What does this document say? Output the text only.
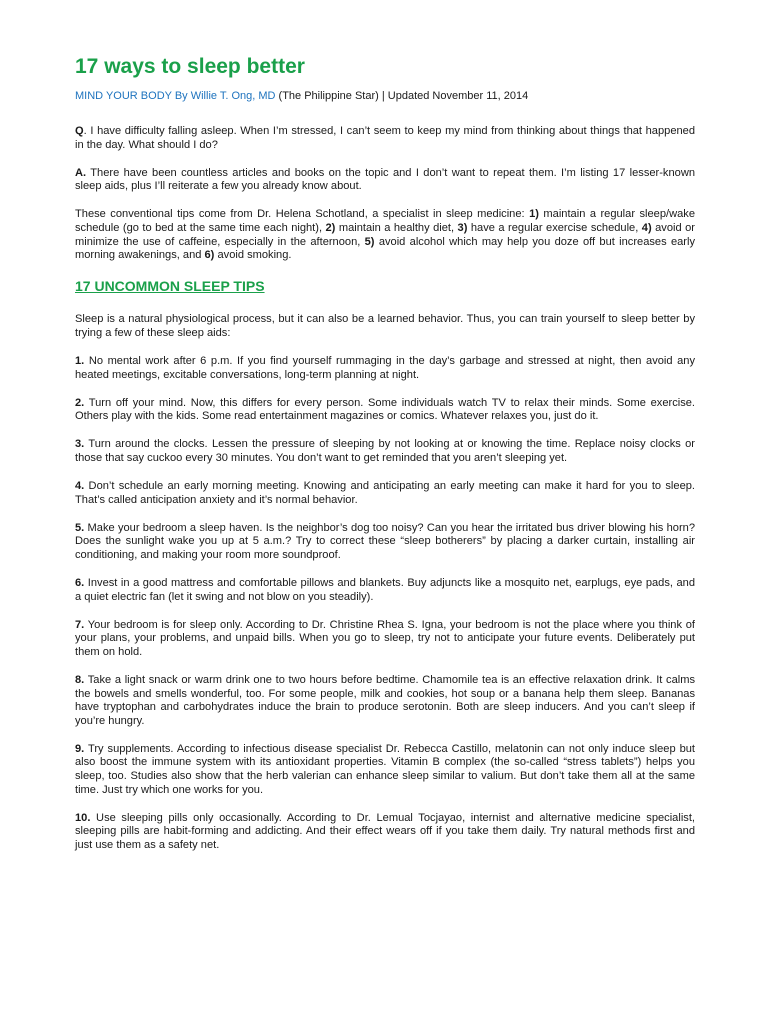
17 ways to sleep better
MIND YOUR BODY By Willie T. Ong, MD (The Philippine Star) | Updated November 11, 2014

Q. I have difficulty falling asleep. When I’m stressed, I can’t seem to keep my mind from thinking about things that happened in the day. What should I do?

A. There have been countless articles and books on the topic and I don’t want to repeat them. I’m listing 17 lesser-known sleep aids, plus I’ll reiterate a few you already know about.

These conventional tips come from Dr. Helena Schotland, a specialist in sleep medicine: 1) maintain a regular sleep/wake schedule (go to bed at the same time each night), 2) maintain a healthy diet, 3) have a regular exercise schedule, 4) avoid or minimize the use of caffeine, especially in the afternoon, 5) avoid alcohol which may help you doze off but increases early morning awakenings, and 6) avoid smoking.

17 UNCOMMON SLEEP TIPS

Sleep is a natural physiological process, but it can also be a learned behavior. Thus, you can train yourself to sleep better by trying a few of these sleep aids:

1. No mental work after 6 p.m. If you find yourself rummaging in the day’s garbage and stressed at night, then avoid any heated meetings, excitable conversations, long-term planning at night.

2. Turn off your mind. Now, this differs for every person. Some individuals watch TV to relax their minds. Some exercise. Others play with the kids. Some read entertainment magazines or comics. Whatever relaxes you, just do it.

3. Turn around the clocks. Lessen the pressure of sleeping by not looking at or knowing the time. Replace noisy clocks or those that say cuckoo every 30 minutes. You don’t want to get reminded that you aren’t sleeping yet.

4. Don’t schedule an early morning meeting. Knowing and anticipating an early meeting can make it hard for you to sleep. That’s called anticipation anxiety and it’s normal behavior.

5. Make your bedroom a sleep haven. Is the neighbor’s dog too noisy? Can you hear the irritated bus driver blowing his horn? Does the sunlight wake you up at 5 a.m.? Try to correct these “sleep botherers” by placing a darker curtain, installing air conditioning, and making your room more soundproof.

6. Invest in a good mattress and comfortable pillows and blankets. Buy adjuncts like a mosquito net, earplugs, eye pads, and a quiet electric fan (let it swing and not blow on you steadily).

7. Your bedroom is for sleep only. According to Dr. Christine Rhea S. Igna, your bedroom is not the place where you think of your plans, your problems, and unpaid bills. When you go to sleep, try not to anticipate your future events. Deliberately put them on hold.

8. Take a light snack or warm drink one to two hours before bedtime. Chamomile tea is an effective relaxation drink. It calms the bowels and smells wonderful, too. For some people, milk and cookies, hot soup or a banana help them sleep. Bananas have tryptophan and carbohydrates induce the brain to produce serotonin. Both are sleep inducers. And you can’t sleep if you’re hungry.

9. Try supplements. According to infectious disease specialist Dr. Rebecca Castillo, melatonin can not only induce sleep but also boost the immune system with its antioxidant properties. Vitamin B complex (the so-called “stress tablets”) helps you sleep, too. Studies also show that the herb valerian can enhance sleep similar to valium. But don’t take them all at the same time. Just try which one works for you.

10. Use sleeping pills only occasionally. According to Dr. Lemual Tocjayao, internist and alternative medicine specialist, sleeping pills are habit-forming and addicting. And their effect wears off if you take them daily. Try natural methods first and just use them as a safety net.
